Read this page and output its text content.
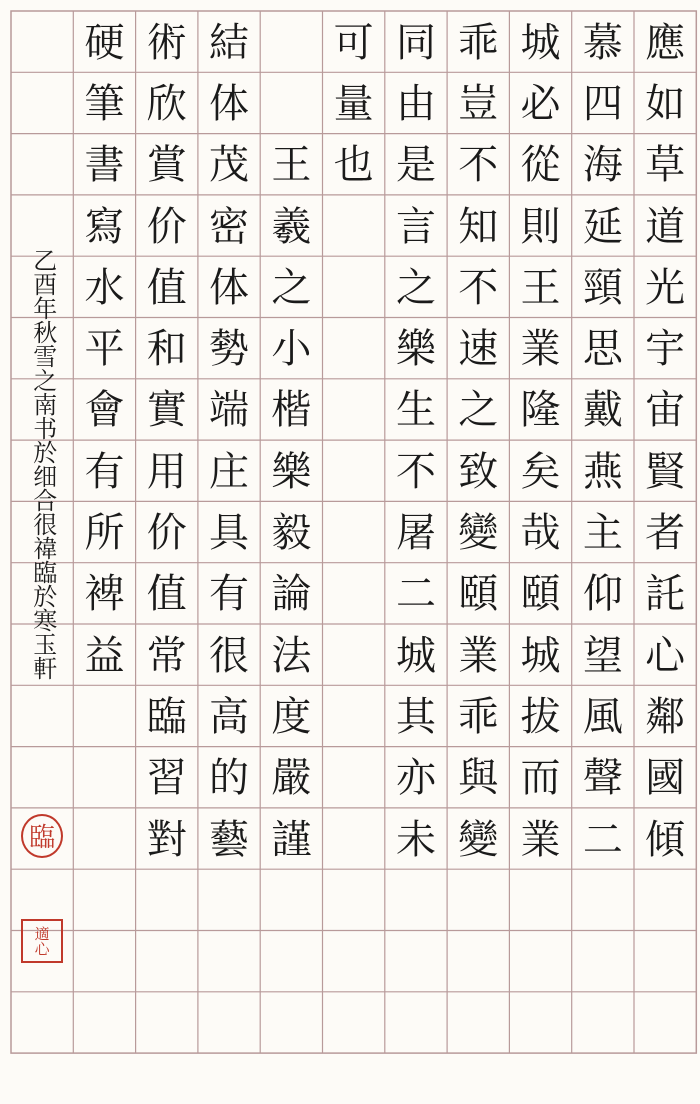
應
如
草
道
光
宇
宙
賢
者
託
心
鄰
國
傾
慕
四
海
延
頸
思
戴
燕
主
仰
望
風
聲
二
城
必
從
則
王
業
隆
矣
哉
頤
城
拔
而
業
乖
豈
不
知
不
速
之
致
變
頤
業
乖
與
變
同
由
是
言
之
樂
生
不
屠
二
城
其
亦
未
可
量
也
王
羲
之
小
楷
樂
毅
論
法
度
嚴
謹
結
体
茂
密
体
勢
端
庄
具
有
很
高
的
藝
術
欣
賞
价
值
和
實
用
价
值
常
臨
習
對
硬
筆
書
寫
水
平
會
有
所
裨
益
乙酉年秋雪之南书於细合很禕臨於寒玉軒
臨
適心
